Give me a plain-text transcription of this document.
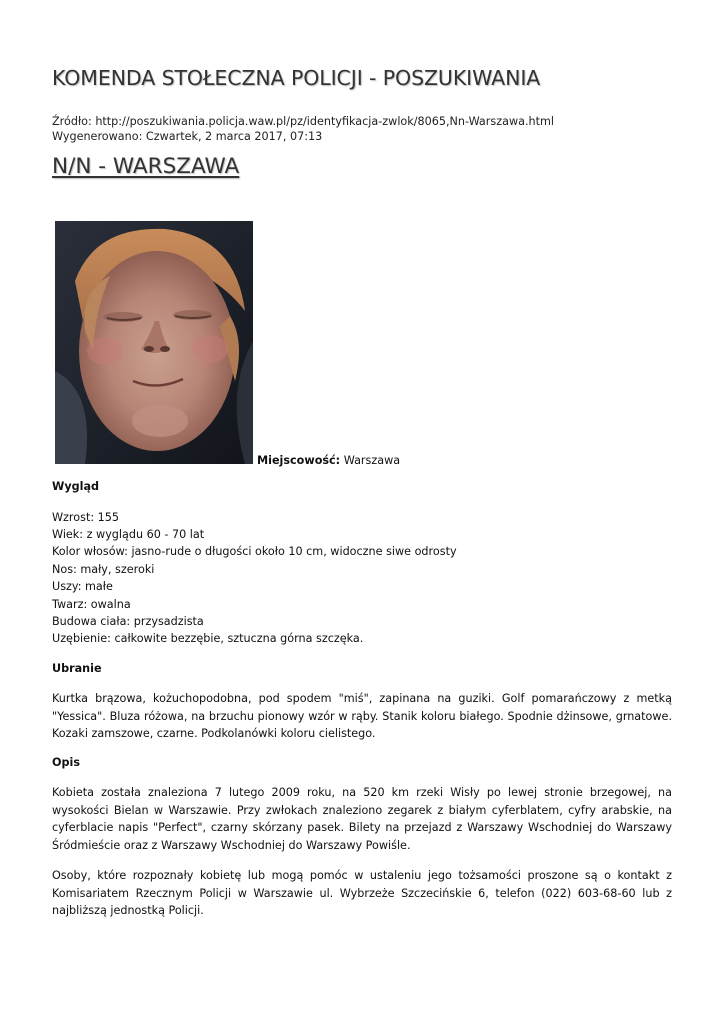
KOMENDA STOŁECZNA POLICJI - POSZUKIWANIA
Źródło: http://poszukiwania.policja.waw.pl/pz/identyfikacja-zwlok/8065,Nn-Warszawa.html
Wygenerowano: Czwartek, 2 marca 2017, 07:13
N/N - WARSZAWA
Miejscowość: Warszawa
Wygląd
Wzrost: 155
Wiek: z wyglądu 60 - 70 lat
Kolor włosów: jasno-rude o długości około 10 cm, widoczne siwe odrosty
Nos: mały, szeroki
Uszy: małe
Twarz: owalna
Budowa ciała: przysadzista
Uzębienie: całkowite bezzębie, sztuczna górna szczęka.
Ubranie

Kurtka brązowa, kożuchopodobna, pod spodem "miś", zapinana na guziki. Golf pomarańczowy z metką "Yessica". Bluza różowa, na brzuchu pionowy wzór w rąby. Stanik koloru białego. Spodnie dżinsowe, grnatowe. Kozaki zamszowe, czarne. Podkolanówki koloru cielistego.

Opis

Kobieta została znaleziona 7 lutego 2009 roku, na 520 km rzeki Wisły po lewej stronie brzegowej, na wysokości Bielan w Warszawie. Przy zwłokach znaleziono zegarek z białym cyferblatem, cyfry arabskie, na cyferblacie napis "Perfect", czarny skórzany pasek. Bilety na przejazd z Warszawy Wschodniej do Warszawy Śródmieście oraz z Warszawy Wschodniej do Warszawy Powiśle.

Osoby, które rozpoznały kobietę lub mogą pomóc w ustaleniu jego tożsamości proszone są o kontakt z Komisariatem Rzecznym Policji w Warszawie ul. Wybrzeże Szczecińskie 6, telefon (022) 603-68-60 lub z najbliższą jednostką Policji.
